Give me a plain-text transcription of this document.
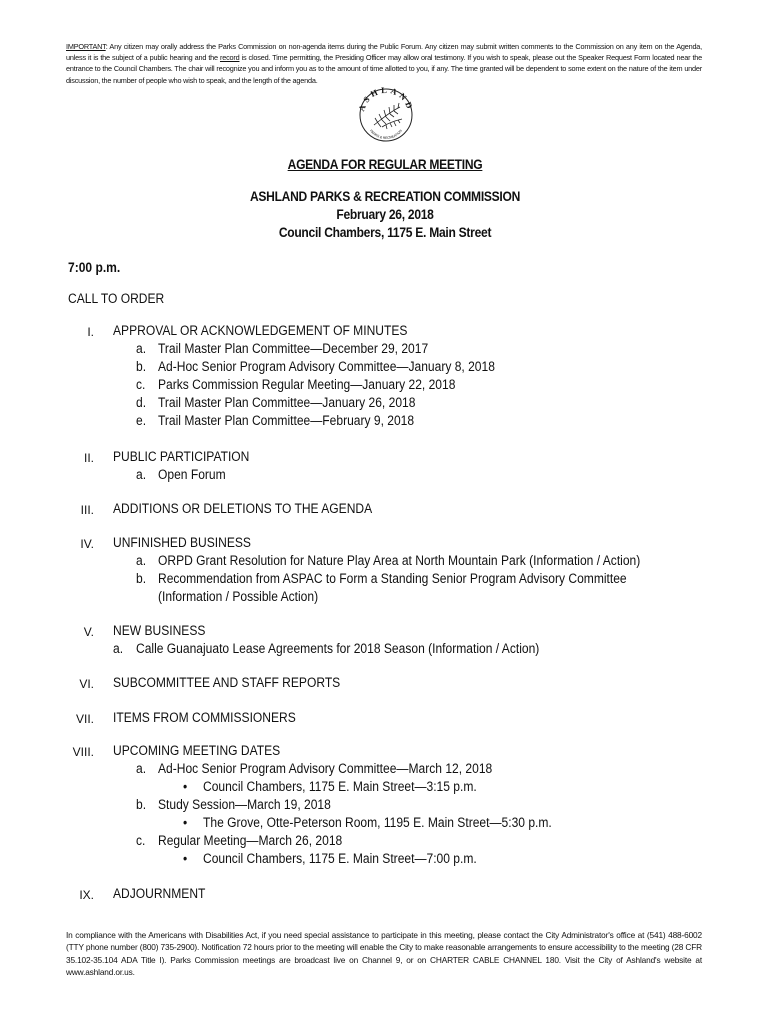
IMPORTANT: Any citizen may orally address the Parks Commission on non-agenda items during the Public Forum. Any citizen may submit written comments to the Commission on any item on the Agenda, unless it is the subject of a public hearing and the record is closed. Time permitting, the Presiding Officer may allow oral testimony. If you wish to speak, please out the Speaker Request Form located near the entrance to the Council Chambers. The chair will recognize you and inform you as to the amount of time allotted to you, if any. The time granted will be dependent to some extent on the nature of the item under discussion, the number of people who wish to speak, and the length of the agenda.
ASHLAND
PARKS & RECREATION
AGENDA FOR REGULAR MEETING
ASHLAND PARKS & RECREATION COMMISSION
February 26, 2018
Council Chambers, 1175 E. Main Street
7:00 p.m.
CALL TO ORDER
I. APPROVAL OR ACKNOWLEDGEMENT OF MINUTES
a. Trail Master Plan Committee—December 29, 2017
b. Ad-Hoc Senior Program Advisory Committee—January 8, 2018
c. Parks Commission Regular Meeting—January 22, 2018
d. Trail Master Plan Committee—January 26, 2018
e. Trail Master Plan Committee—February 9, 2018
II. PUBLIC PARTICIPATION
a. Open Forum
III. ADDITIONS OR DELETIONS TO THE AGENDA
IV. UNFINISHED BUSINESS
a. ORPD Grant Resolution for Nature Play Area at North Mountain Park (Information / Action)
b. Recommendation from ASPAC to Form a Standing Senior Program Advisory Committee
(Information / Possible Action)
V. NEW BUSINESS
a. Calle Guanajuato Lease Agreements for 2018 Season (Information / Action)
VI. SUBCOMMITTEE AND STAFF REPORTS
VII. ITEMS FROM COMMISSIONERS
VIII. UPCOMING MEETING DATES
a. Ad-Hoc Senior Program Advisory Committee—March 12, 2018
• Council Chambers, 1175 E. Main Street—3:15 p.m.
b. Study Session—March 19, 2018
• The Grove, Otte-Peterson Room, 1195 E. Main Street—5:30 p.m.
c. Regular Meeting—March 26, 2018
• Council Chambers, 1175 E. Main Street—7:00 p.m.
IX. ADJOURNMENT
In compliance with the Americans with Disabilities Act, if you need special assistance to participate in this meeting, please contact the City Administrator's office at (541) 488-6002 (TTY phone number (800) 735-2900). Notification 72 hours prior to the meeting will enable the City to make reasonable arrangements to ensure accessibility to the meeting (28 CFR 35.102-35.104 ADA Title I). Parks Commission meetings are broadcast live on Channel 9, or on CHARTER CABLE CHANNEL 180. Visit the City of Ashland's website at www.ashland.or.us.
